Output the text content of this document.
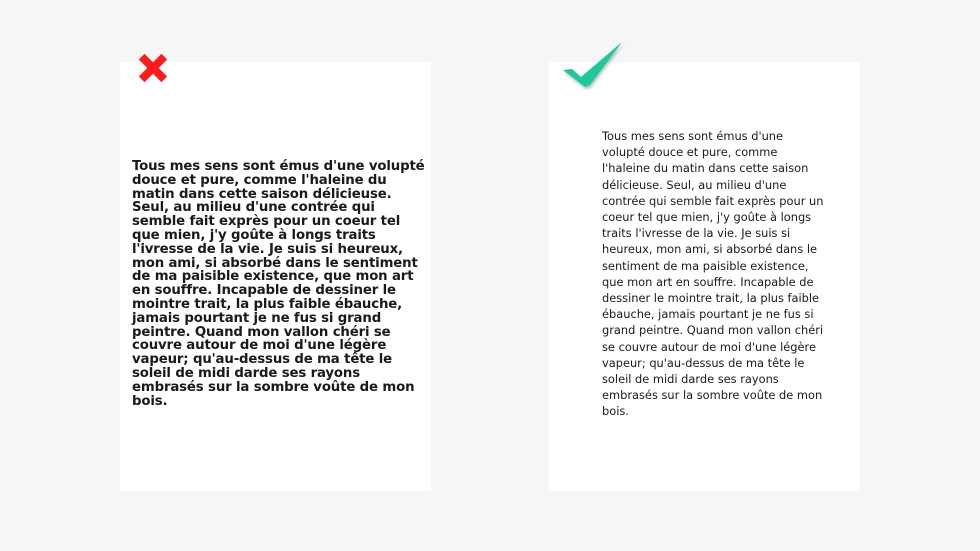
Tous mes sens sont émus d'une volupté douce et pure, comme l'haleine du matin dans cette saison délicieuse. Seul, au milieu d'une contrée qui semble fait exprès pour un coeur tel que mien, j'y goûte à longs traits l'ivresse de la vie. Je suis si heureux, mon ami, si absorbé dans le sentiment de ma paisible existence, que mon art en souffre. Incapable de dessiner le mointre trait, la plus faible ébauche, jamais pourtant je ne fus si grand peintre. Quand mon vallon chéri se couvre autour de moi d'une légère vapeur; qu'au-dessus de ma tête le soleil de midi darde ses rayons embrasés sur la sombre voûte de mon bois.

Tous mes sens sont émus d'une volupté douce et pure, comme l'haleine du matin dans cette saison délicieuse. Seul, au milieu d'une contrée qui semble fait exprès pour un coeur tel que mien, j'y goûte à longs traits l'ivresse de la vie. Je suis si heureux, mon ami, si absorbé dans le sentiment de ma paisible existence, que mon art en souffre. Incapable de dessiner le mointre trait, la plus faible ébauche, jamais pourtant je ne fus si grand peintre. Quand mon vallon chéri se couvre autour de moi d'une légère vapeur; qu'au-dessus de ma tête le soleil de midi darde ses rayons embrasés sur la sombre voûte de mon bois.
